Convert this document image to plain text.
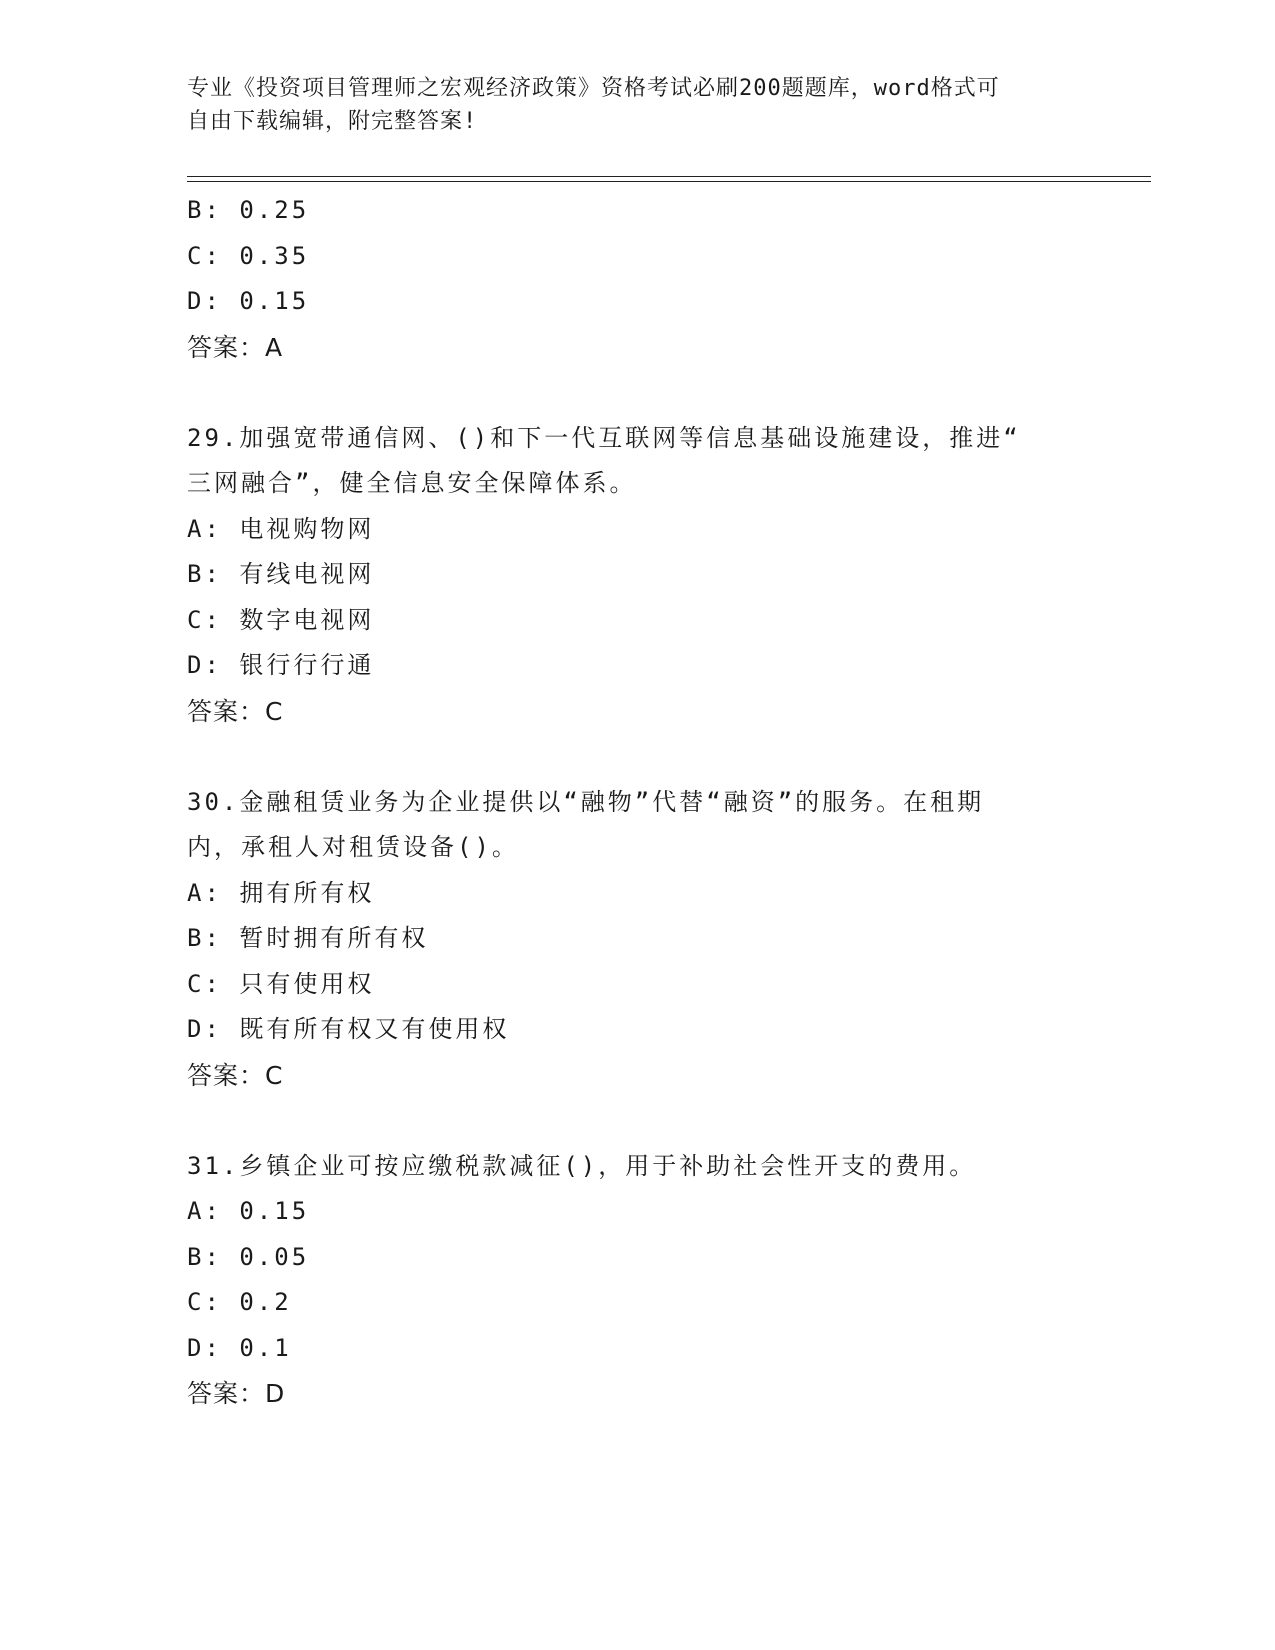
专业《投资项目管理师之宏观经济政策》资格考试必刷200题题库，word格式可
自由下载编辑，附完整答案!
B: 0.25
C: 0.35
D: 0.15
答案：A
29.加强宽带通信网、()和下一代互联网等信息基础设施建设，推进“
三网融合”，健全信息安全保障体系。
A: 电视购物网
B: 有线电视网
C: 数字电视网
D: 银行行行通
答案：C
30.金融租赁业务为企业提供以“融物”代替“融资”的服务。在租期
内，承租人对租赁设备()。
A: 拥有所有权
B: 暂时拥有所有权
C: 只有使用权
D: 既有所有权又有使用权
答案：C
31.乡镇企业可按应缴税款减征()，用于补助社会性开支的费用。
A: 0.15
B: 0.05
C: 0.2
D: 0.1
答案：D
